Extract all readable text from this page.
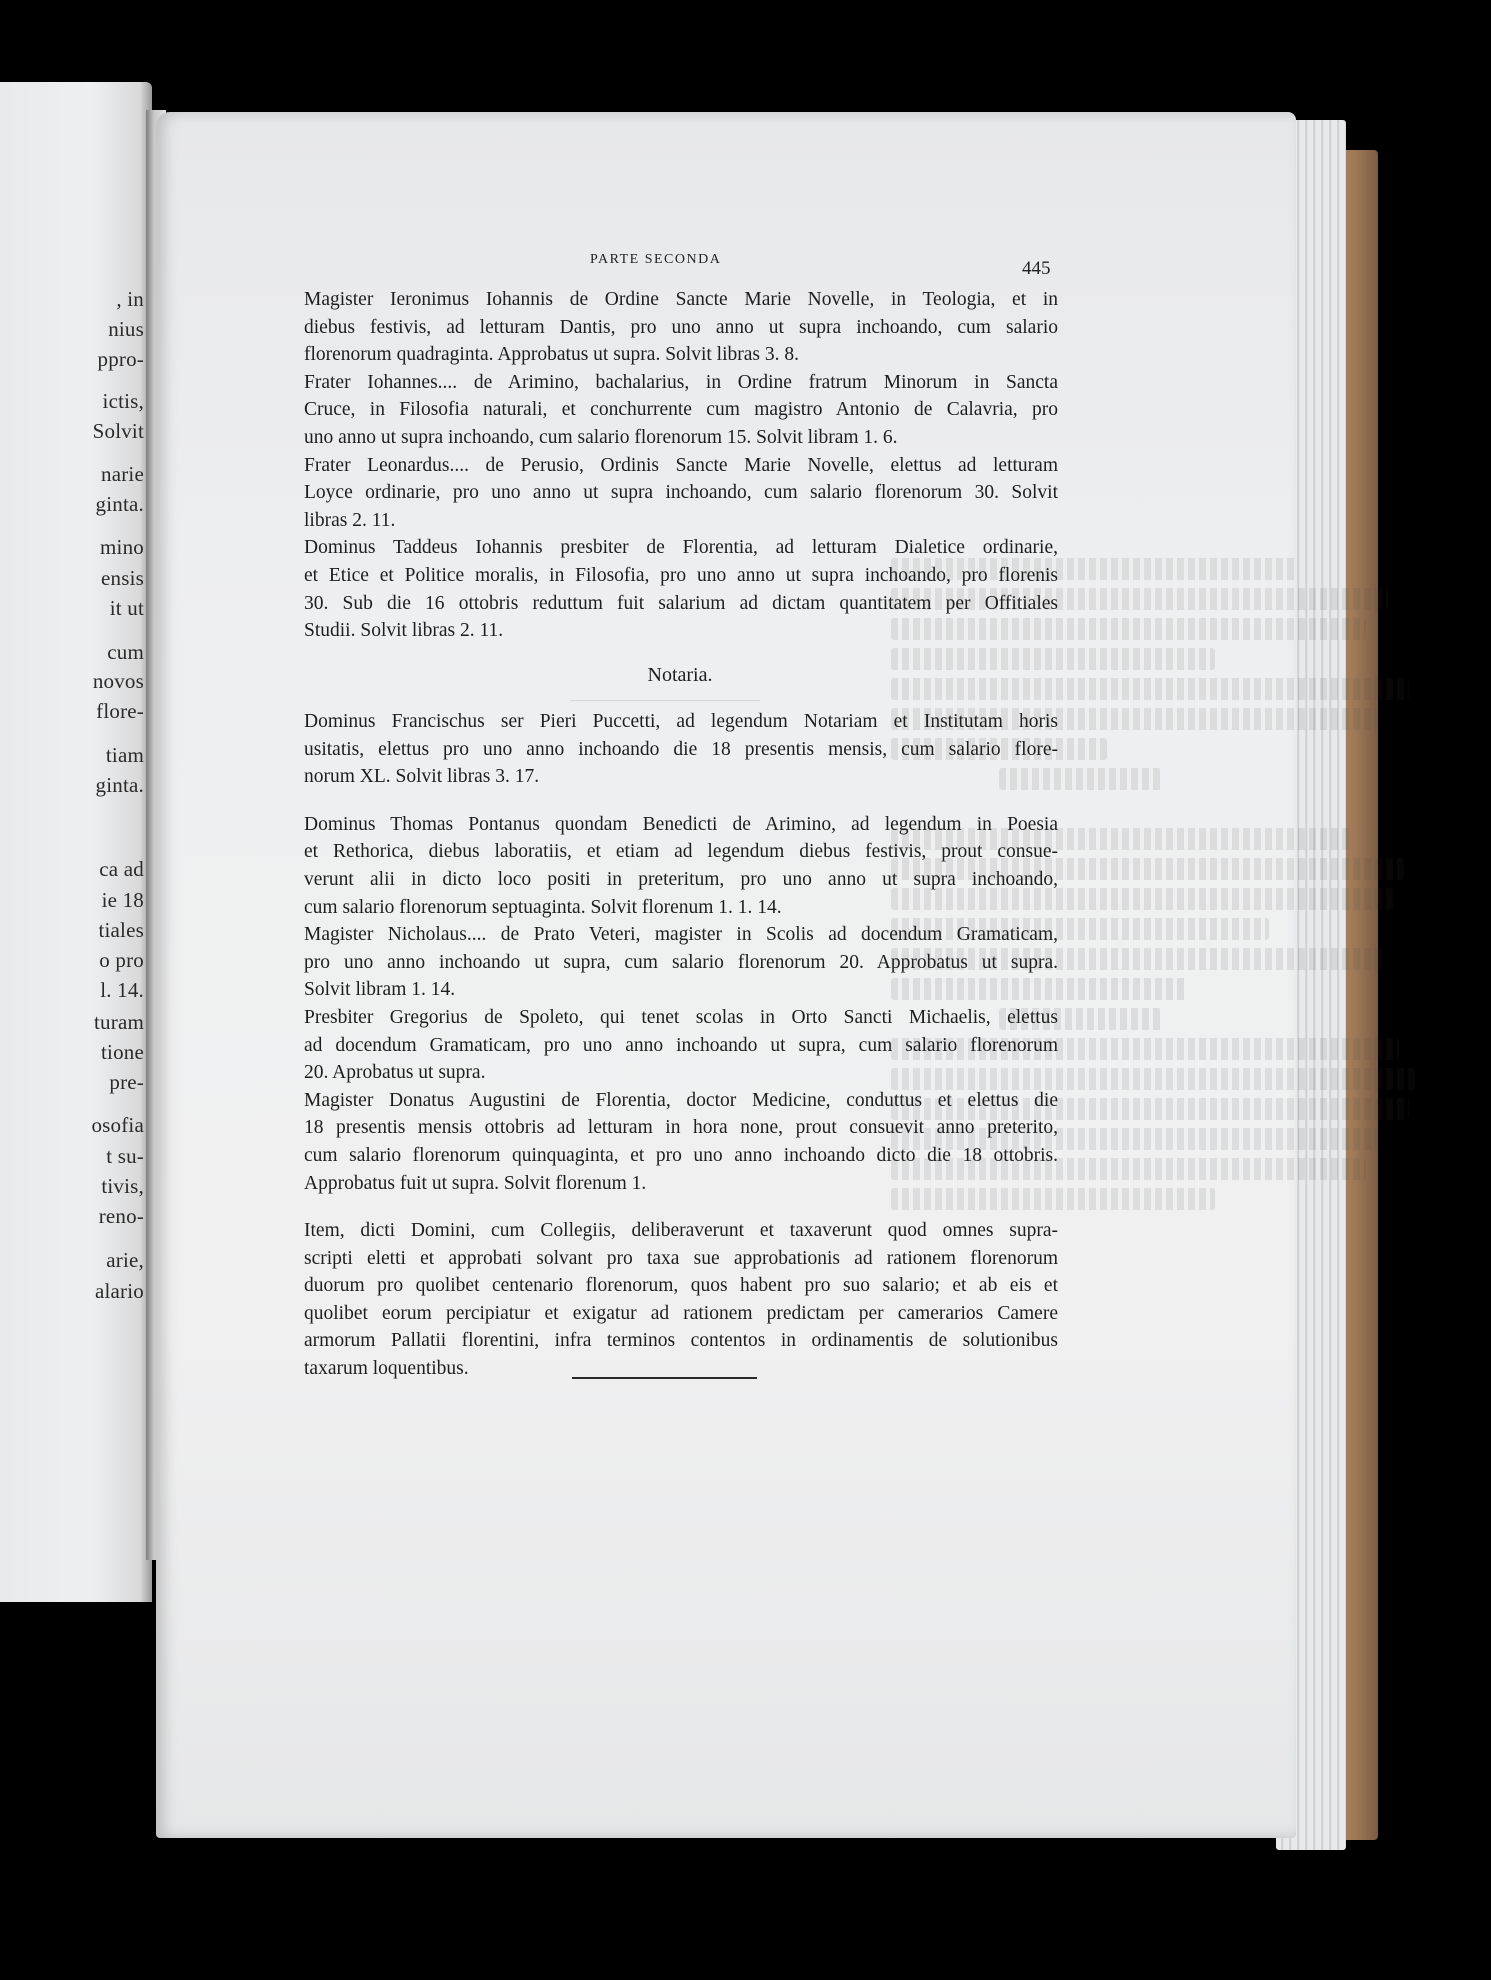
, in
nius
ppro-
ictis,
Solvit
narie
ginta.
mino
ensis
it ut
cum
novos
flore-
tiam
ginta.
ca ad
ie 18
tiales
o pro
l. 14.
turam
tione
pre-
osofia
t su-
tivis,
reno-
arie,
alario
PARTE SECONDA	445
Magister Ieronimus Iohannis de Ordine Sancte Marie Novelle, in Teologia, et in
diebus festivis, ad letturam Dantis, pro uno anno ut supra inchoando, cum salario
florenorum quadraginta. Approbatus ut supra. Solvit libras 3. 8.
Frater Iohannes.... de Arimino, bachalarius, in Ordine fratrum Minorum in Sancta
Cruce, in Filosofia naturali, et conchurrente cum magistro Antonio de Calavria, pro
uno anno ut supra inchoando, cum salario florenorum 15. Solvit libram 1. 6.
Frater Leonardus.... de Perusio, Ordinis Sancte Marie Novelle, elettus ad letturam
Loyce ordinarie, pro uno anno ut supra inchoando, cum salario florenorum 30. Solvit
libras 2. 11.
Dominus Taddeus Iohannis presbiter de Florentia, ad letturam Dialetice ordinarie,
et Etice et Politice moralis, in Filosofia, pro uno anno ut supra inchoando, pro florenis
30. Sub die 16 ottobris reduttum fuit salarium ad dictam quantitatem per Offitiales
Studii. Solvit libras 2. 11.
Notaria.
Dominus Francischus ser Pieri Puccetti, ad legendum Notariam et Institutam horis
usitatis, elettus pro uno anno inchoando die 18 presentis mensis, cum salario flore-
norum XL. Solvit libras 3. 17.
Dominus Thomas Pontanus quondam Benedicti de Arimino, ad legendum in Poesia
et Rethorica, diebus laboratiis, et etiam ad legendum diebus festivis, prout consue-
verunt alii in dicto loco positi in preteritum, pro uno anno ut supra inchoando,
cum salario florenorum septuaginta. Solvit florenum 1. 1. 14.
Magister Nicholaus.... de Prato Veteri, magister in Scolis ad docendum Gramaticam,
pro uno anno inchoando ut supra, cum salario florenorum 20. Approbatus ut supra.
Solvit libram 1. 14.
Presbiter Gregorius de Spoleto, qui tenet scolas in Orto Sancti Michaelis, elettus
ad docendum Gramaticam, pro uno anno inchoando ut supra, cum salario florenorum
20. Aprobatus ut supra.
Magister Donatus Augustini de Florentia, doctor Medicine, conduttus et elettus die
18 presentis mensis ottobris ad letturam in hora none, prout consuevit anno preterito,
cum salario florenorum quinquaginta, et pro uno anno inchoando dicto die 18 ottobris.
Approbatus fuit ut supra. Solvit florenum 1.
Item, dicti Domini, cum Collegiis, deliberaverunt et taxaverunt quod omnes supra-
scripti eletti et approbati solvant pro taxa sue approbationis ad rationem florenorum
duorum pro quolibet centenario florenorum, quos habent pro suo salario; et ab eis et
quolibet eorum percipiatur et exigatur ad rationem predictam per camerarios Camere
armorum Pallatii florentini, infra terminos contentos in ordinamentis de solutionibus
taxarum loquentibus.
